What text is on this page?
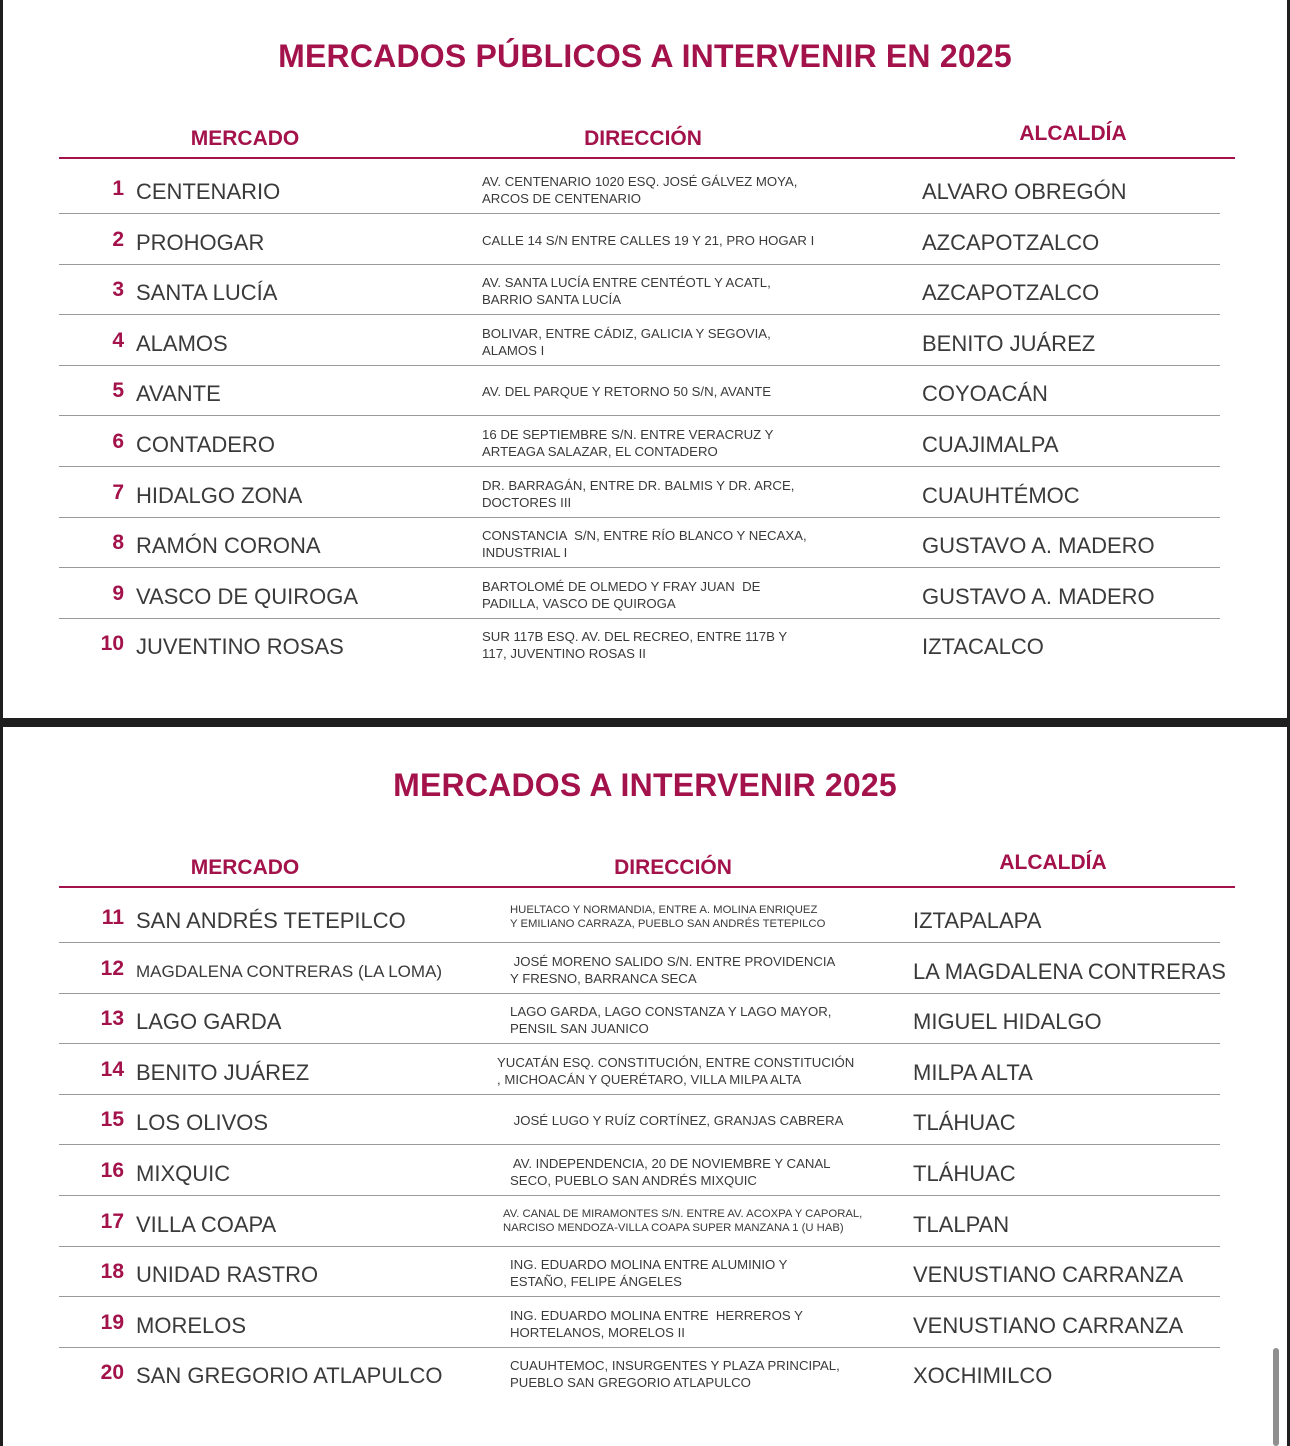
MERCADOS PÚBLICOS A INTERVENIR EN 2025
MERCADO	DIRECCIÓN	ALCALDÍA
1 CENTENARIO	AV. CENTENARIO 1020 ESQ. JOSÉ GÁLVEZ MOYA,
ARCOS DE CENTENARIO	ALVARO OBREGÓN
2 PROHOGAR	CALLE 14 S/N ENTRE CALLES 19 Y 21, PRO HOGAR I	AZCAPOTZALCO
3 SANTA LUCÍA	AV. SANTA LUCÍA ENTRE CENTÉOTL Y ACATL,
BARRIO SANTA LUCÍA	AZCAPOTZALCO
4 ALAMOS	BOLIVAR, ENTRE CÁDIZ, GALICIA Y SEGOVIA,
ALAMOS I	BENITO JUÁREZ
5 AVANTE	AV. DEL PARQUE Y RETORNO 50 S/N, AVANTE	COYOACÁN
6 CONTADERO	16 DE SEPTIEMBRE S/N. ENTRE VERACRUZ Y
ARTEAGA SALAZAR, EL CONTADERO	CUAJIMALPA
7 HIDALGO ZONA	DR. BARRAGÁN, ENTRE DR. BALMIS Y DR. ARCE,
DOCTORES III	CUAUHTÉMOC
8 RAMÓN CORONA	CONSTANCIA  S/N, ENTRE RÍO BLANCO Y NECAXA,
INDUSTRIAL I	GUSTAVO A. MADERO
9 VASCO DE QUIROGA	BARTOLOMÉ DE OLMEDO Y FRAY JUAN  DE
PADILLA, VASCO DE QUIROGA	GUSTAVO A. MADERO
10 JUVENTINO ROSAS	SUR 117B ESQ. AV. DEL RECREO, ENTRE 117B Y
117, JUVENTINO ROSAS II	IZTACALCO
MERCADOS A INTERVENIR 2025
MERCADO	DIRECCIÓN	ALCALDÍA
11 SAN ANDRÉS TETEPILCO	HUELTACO Y NORMANDIA, ENTRE A. MOLINA ENRIQUEZ
Y EMILIANO CARRAZA, PUEBLO SAN ANDRÉS TETEPILCO	IZTAPALAPA
12 MAGDALENA CONTRERAS (LA LOMA)
JOSÉ MORENO SALIDO S/N. ENTRE PROVIDENCIA
Y FRESNO, BARRANCA SECA	LA MAGDALENA CONTRERAS
13 LAGO GARDA	LAGO GARDA, LAGO CONSTANZA Y LAGO MAYOR,
PENSIL SAN JUANICO	MIGUEL HIDALGO
14 BENITO JUÁREZ	YUCATÁN ESQ. CONSTITUCIÓN, ENTRE CONSTITUCIÓN
, MICHOACÁN Y QUERÉTARO, VILLA MILPA ALTA	MILPA ALTA
15 LOS OLIVOS	JOSÉ LUGO Y RUÍZ CORTÍNEZ, GRANJAS CABRERA	TLÁHUAC
16 MIXQUIC	AV. INDEPENDENCIA, 20 DE NOVIEMBRE Y CANAL
SECO, PUEBLO SAN ANDRÉS MIXQUIC	TLÁHUAC
17 VILLA COAPA	AV. CANAL DE MIRAMONTES S/N. ENTRE AV. ACOXPA Y CAPORAL,
NARCISO MENDOZA-VILLA COAPA SUPER MANZANA 1 (U HAB)	TLALPAN
18 UNIDAD RASTRO	ING. EDUARDO MOLINA ENTRE ALUMINIO Y
ESTAÑO, FELIPE ÁNGELES	VENUSTIANO CARRANZA
19 MORELOS	ING. EDUARDO MOLINA ENTRE  HERREROS Y
HORTELANOS, MORELOS II	VENUSTIANO CARRANZA
20 SAN GREGORIO ATLAPULCO	CUAUHTEMOC, INSURGENTES Y PLAZA PRINCIPAL,
PUEBLO SAN GREGORIO ATLAPULCO	XOCHIMILCO
